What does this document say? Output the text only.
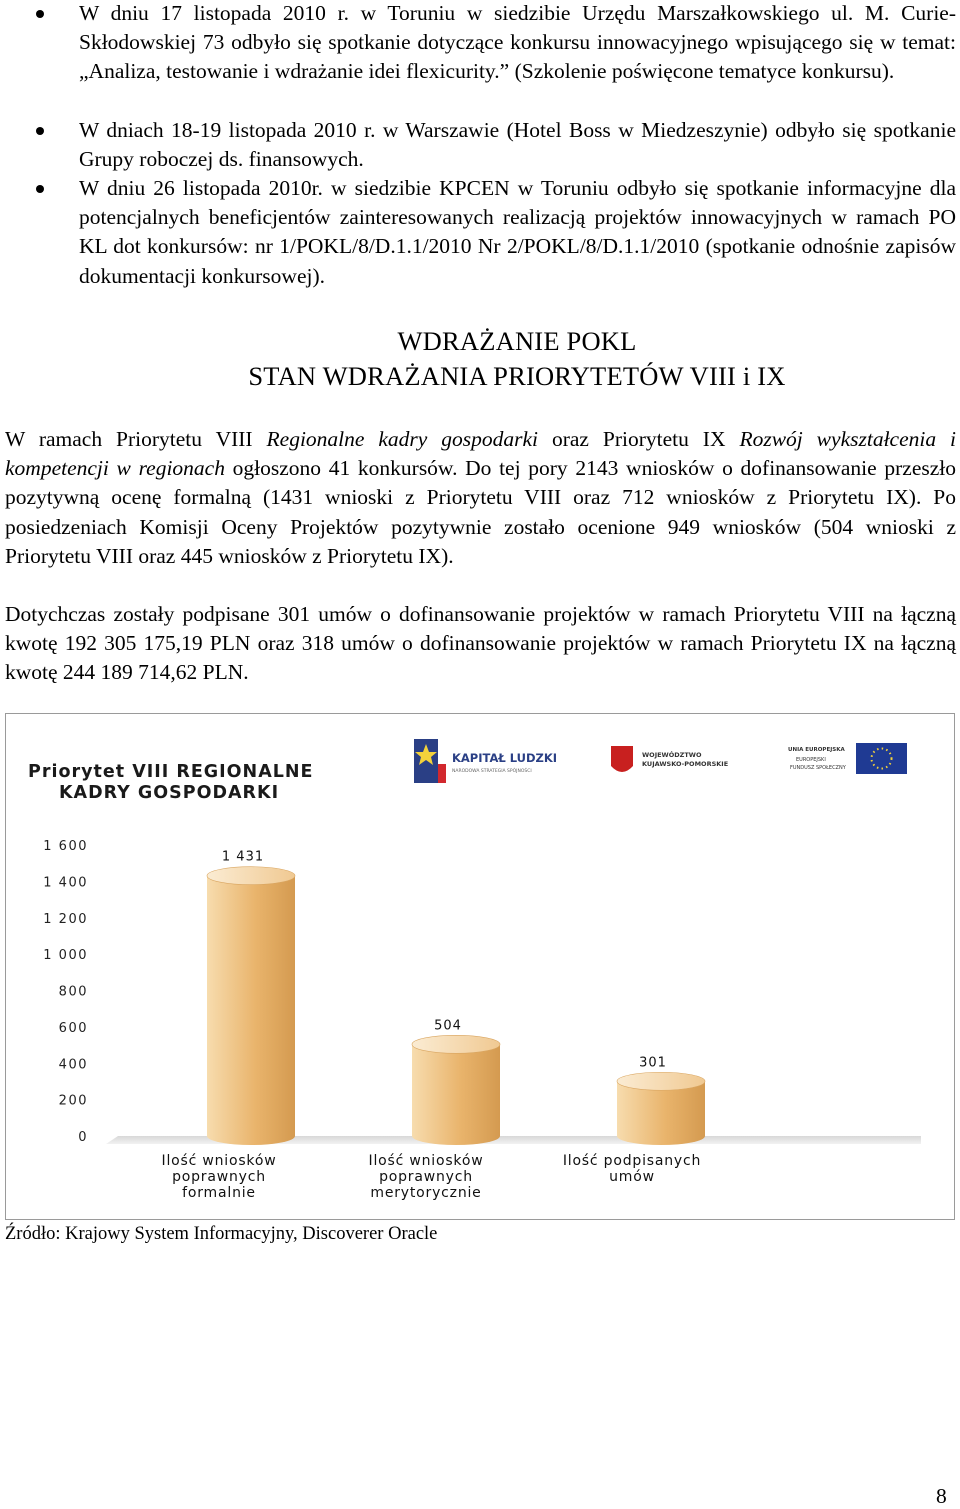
W dniu 17 listopada 2010 r. w Toruniu w siedzibie Urzędu Marszałkowskiego ul. M. Curie-Skłodowskiej 73 odbyło się spotkanie dotyczące konkursu innowacyjnego wpisującego się w temat: „Analiza, testowanie i wdrażanie idei flexicurity.” (Szkolenie poświęcone tematyce konkursu).
W dniach 18-19 listopada 2010 r. w Warszawie (Hotel Boss w Miedzeszynie) odbyło się spotkanie Grupy roboczej ds. finansowych.
W dniu 26 listopada 2010r. w siedzibie KPCEN w Toruniu odbyło się spotkanie informacyjne dla potencjalnych beneficjentów zainteresowanych realizacją projektów innowacyjnych w ramach PO KL dot konkursów: nr 1/POKL/8/D.1.1/2010 Nr 2/POKL/8/D.1.1/2010 (spotkanie odnośnie zapisów dokumentacji konkursowej).
WDRAŻANIE POKL
STAN WDRAŻANIA PRIORYTETÓW VIII i IX
W ramach Priorytetu VIII Regionalne kadry gospodarki oraz Priorytetu IX Rozwój wykształcenia i kompetencji w regionach ogłoszono 41 konkursów. Do tej pory 2143 wniosków o dofinansowanie przeszło pozytywną ocenę formalną (1431 wnioski z Priorytetu VIII oraz 712 wniosków z Priorytetu IX). Po posiedzeniach Komisji Oceny Projektów pozytywnie zostało ocenione 949 wniosków (504 wnioski z Priorytetu VIII oraz 445 wniosków z Priorytetu IX).
Dotychczas zostały podpisane 301 umów o dofinansowanie projektów w ramach Priorytetu VIII na łączną kwotę 192 305 175,19 PLN oraz 318 umów o dofinansowanie projektów w ramach Priorytetu IX na łączną kwotę 244 189 714,62 PLN.
Priorytet VIII REGIONALNE
KADRY GOSPODARKI
KAPITAŁ LUDZKI
NARODOWA STRATEGIA SPÓJNOŚCI
WOJEWÓDZTWO
KUJAWSKO-POMORSKIE
UNIA EUROPEJSKA
EUROPEJSKI
FUNDUSZ SPOŁECZNY
0
200
400
600
800
1 000
1 200
1 400
1 600
1 431
504
301
Ilość wniosków
poprawnych
formalnie
Ilość wniosków
poprawnych
merytorycznie
Ilość podpisanych
umów
Źródło: Krajowy System Informacyjny, Discoverer Oracle
8
